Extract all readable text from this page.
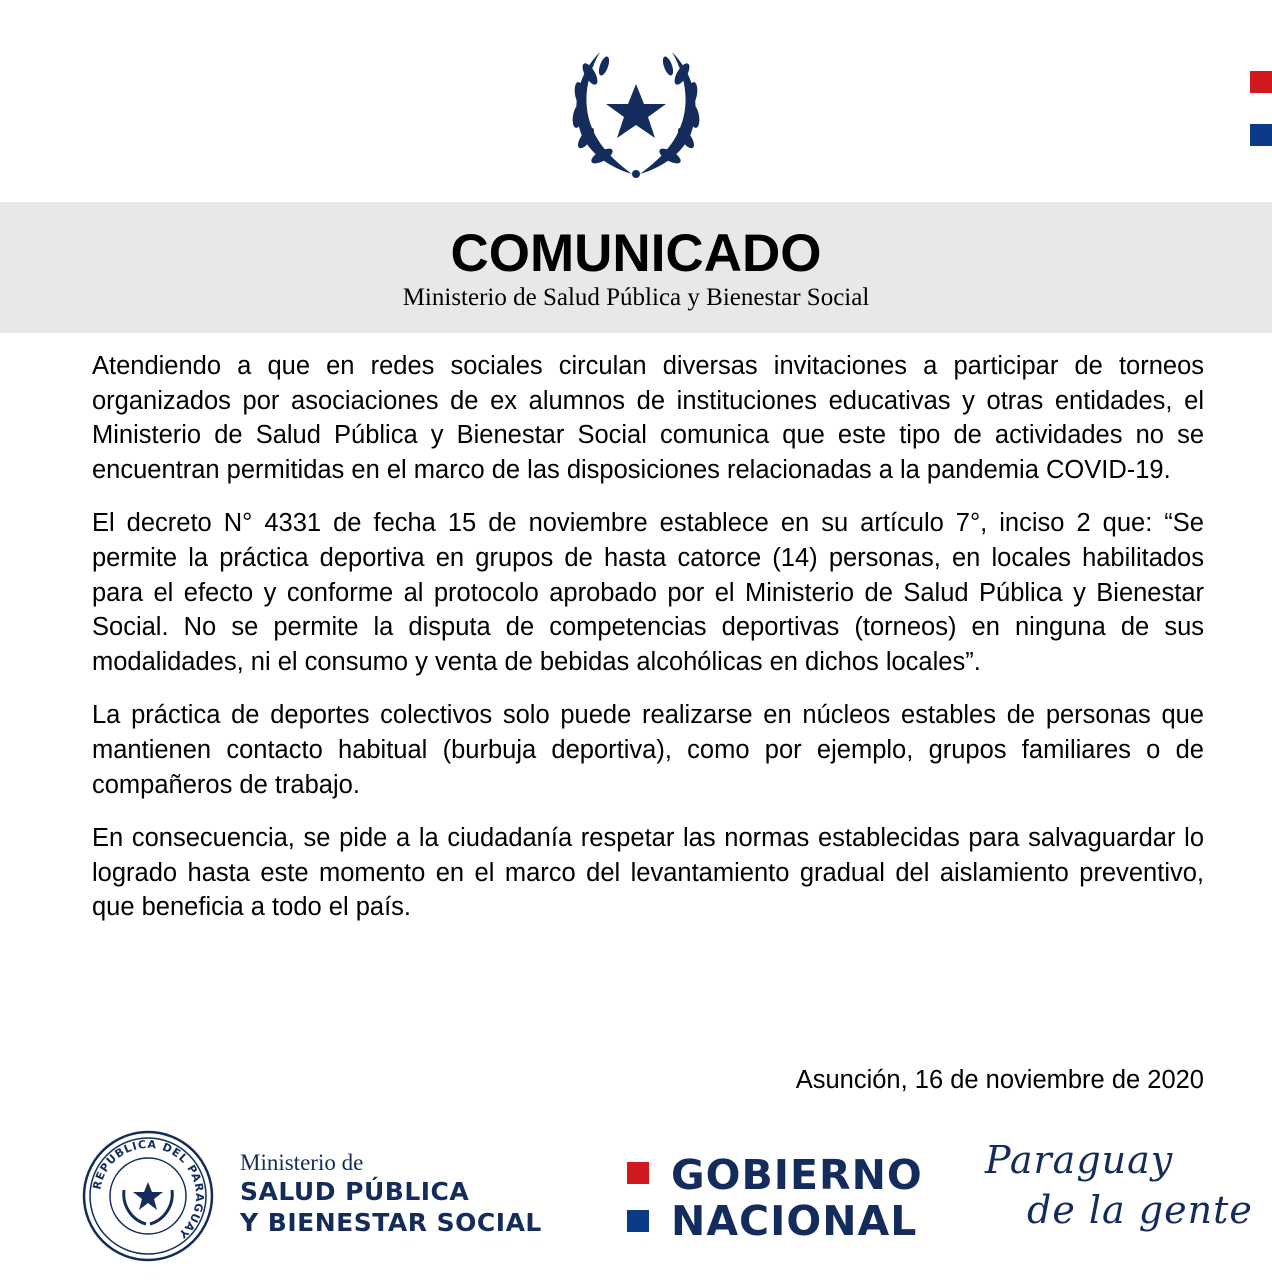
COMUNICADO
Ministerio de Salud Pública y Bienestar Social

Atendiendo a que en redes sociales circulan diversas invitaciones a participar de torneos organizados por asociaciones de ex alumnos de instituciones educativas y otras entidades, el Ministerio de Salud Pública y Bienestar Social comunica que este tipo de actividades no se encuentran permitidas en el marco de las disposiciones relacionadas a la pandemia COVID-19.

El decreto N° 4331 de fecha 15 de noviembre establece en su artículo 7°, inciso 2 que: “Se permite la práctica deportiva en grupos de hasta catorce (14) personas, en locales habilitados para el efecto y conforme al protocolo aprobado por el Ministerio de Salud Pública y Bienestar Social. No se permite la disputa de competencias deportivas (torneos) en ninguna de sus modalidades, ni el consumo y venta de bebidas alcohólicas en dichos locales”.

La práctica de deportes colectivos solo puede realizarse en núcleos estables de personas que mantienen contacto habitual (burbuja deportiva), como por ejemplo, grupos familiares o de compañeros de trabajo.

En consecuencia, se pide a la ciudadanía respetar las normas establecidas para salvaguardar lo logrado hasta este momento en el marco del levantamiento gradual del aislamiento preventivo, que beneficia a todo el país.

Asunción, 16 de noviembre de 2020
REPUBLICA DEL PARAGUAY
Ministerio de
SALUD PÚBLICA
Y BIENESTAR SOCIAL
GOBIERNO
NACIONAL
Paraguay
de la gente
